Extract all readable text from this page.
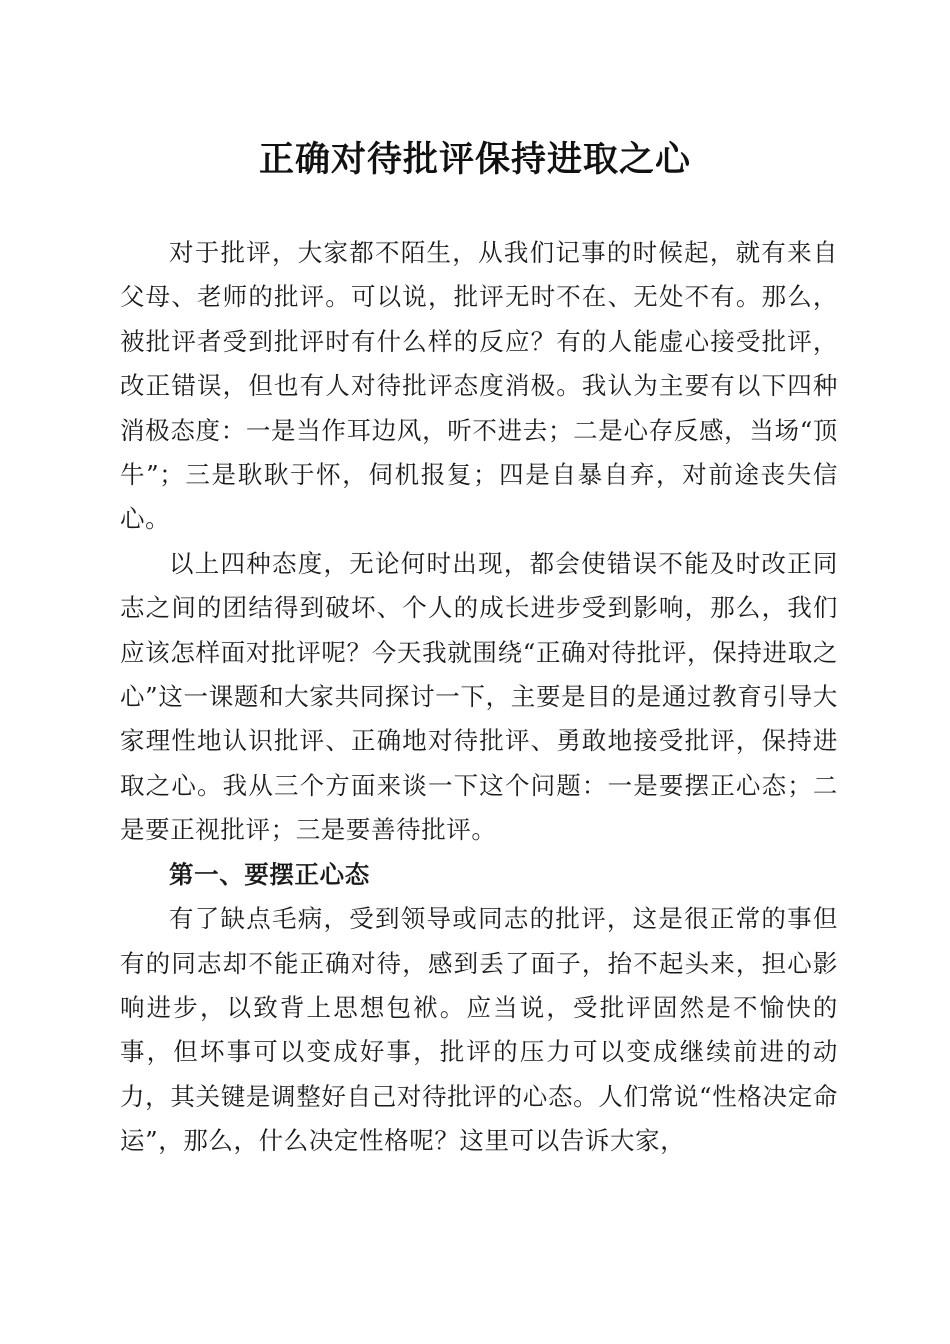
正确对待批评保持进取之心

对于批评，大家都不陌生，从我们记事的时候起，就有来自父母、老师的批评。可以说，批评无时不在、无处不有。那么，被批评者受到批评时有什么样的反应？有的人能虚心接受批评，改正错误，但也有人对待批评态度消极。我认为主要有以下四种消极态度：一是当作耳边风，听不进去；二是心存反感，当场“顶牛”；三是耿耿于怀，伺机报复；四是自暴自弃，对前途丧失信心。

以上四种态度，无论何时出现，都会使错误不能及时改正同志之间的团结得到破坏、个人的成长进步受到影响，那么，我们应该怎样面对批评呢？今天我就围绕“正确对待批评，保持进取之心”这一课题和大家共同探讨一下，主要是目的是通过教育引导大家理性地认识批评、正确地对待批评、勇敢地接受批评，保持进取之心。我从三个方面来谈一下这个问题：一是要摆正心态；二是要正视批评；三是要善待批评。

第一、要摆正心态

有了缺点毛病，受到领导或同志的批评，这是很正常的事但有的同志却不能正确对待，感到丢了面子，抬不起头来，担心影响进步，以致背上思想包袱。应当说，受批评固然是不愉快的事，但坏事可以变成好事，批评的压力可以变成继续前进的动力，其关键是调整好自己对待批评的心态。人们常说“性格决定命运”，那么，什么决定性格呢？这里可以告诉大家，
